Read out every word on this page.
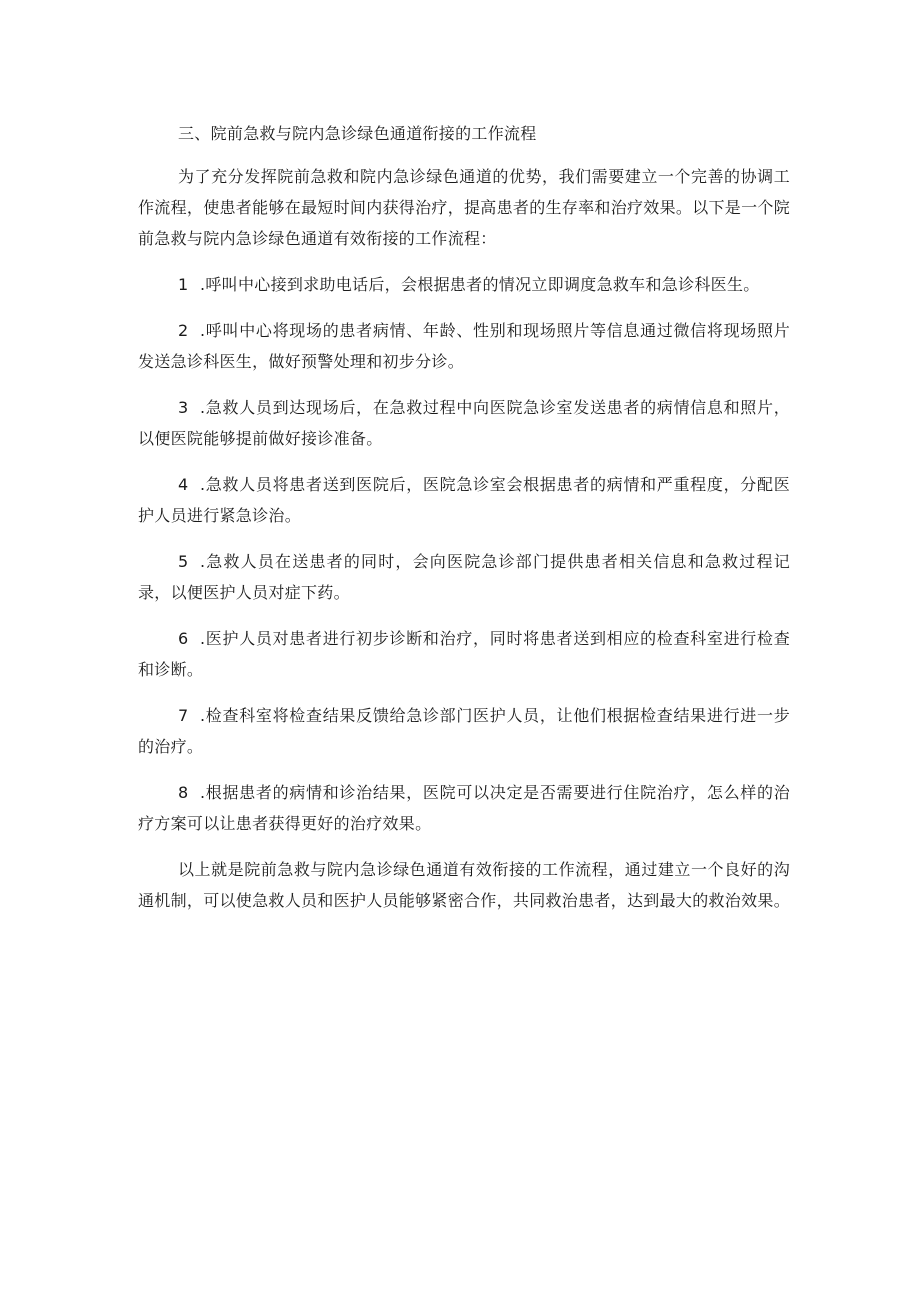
三、院前急救与院内急诊绿色通道衔接的工作流程

为了充分发挥院前急救和院内急诊绿色通道的优势，我们需要建立一个完善的协调工作流程，使患者能够在最短时间内获得治疗，提高患者的生存率和治疗效果。以下是一个院前急救与院内急诊绿色通道有效衔接的工作流程：

1 .呼叫中心接到求助电话后，会根据患者的情况立即调度急救车和急诊科医生。

2 .呼叫中心将现场的患者病情、年龄、性别和现场照片等信息通过微信将现场照片发送急诊科医生，做好预警处理和初步分诊。

3 .急救人员到达现场后，在急救过程中向医院急诊室发送患者的病情信息和照片，以便医院能够提前做好接诊准备。

4 .急救人员将患者送到医院后，医院急诊室会根据患者的病情和严重程度，分配医护人员进行紧急诊治。

5 .急救人员在送患者的同时，会向医院急诊部门提供患者相关信息和急救过程记录，以便医护人员对症下药。

6 .医护人员对患者进行初步诊断和治疗，同时将患者送到相应的检查科室进行检查和诊断。

7 .检查科室将检查结果反馈给急诊部门医护人员，让他们根据检查结果进行进一步的治疗。

8 .根据患者的病情和诊治结果，医院可以决定是否需要进行住院治疗，怎么样的治疗方案可以让患者获得更好的治疗效果。

以上就是院前急救与院内急诊绿色通道有效衔接的工作流程，通过建立一个良好的沟通机制，可以使急救人员和医护人员能够紧密合作，共同救治患者，达到最大的救治效果。
